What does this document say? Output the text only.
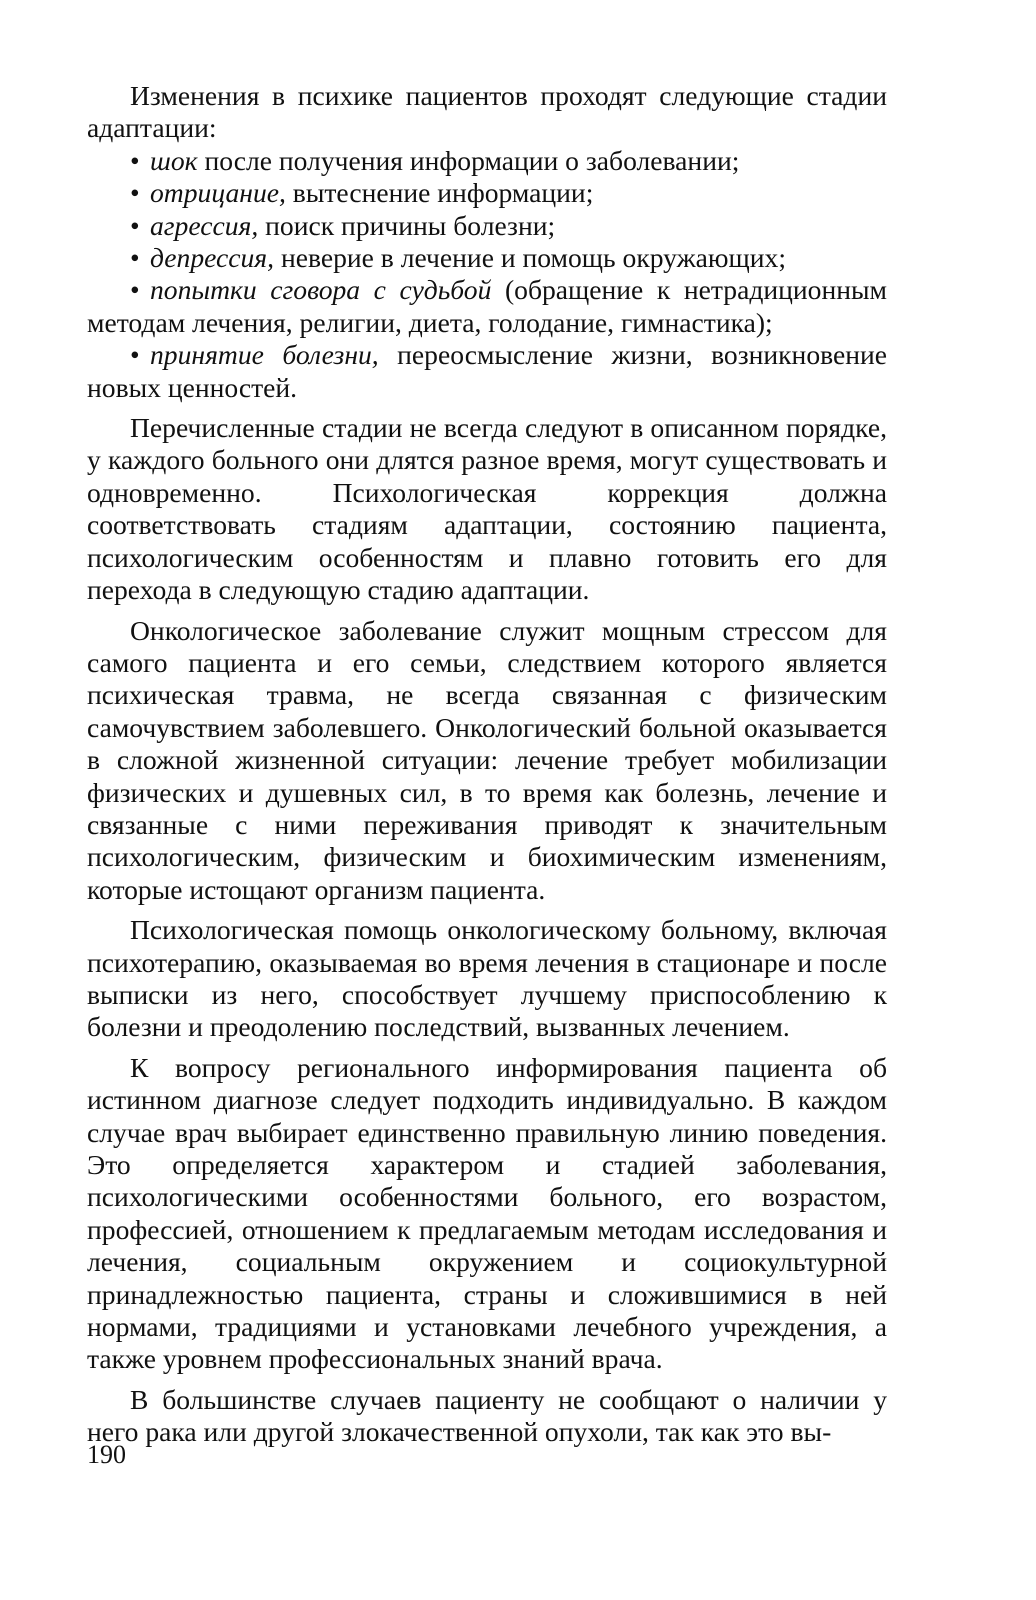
Изменения в психике пациентов проходят следующие стадии адаптации:

• шок после получения информации о заболевании;

• отрицание, вытеснение информации;

• агрессия, поиск причины болезни;

• депрессия, неверие в лечение и помощь окружающих;

• попытки сговора с судьбой (обращение к нетрадиционным методам лечения, религии, диета, голодание, гимнастика);

• принятие болезни, переосмысление жизни, возникновение новых ценностей.

Перечисленные стадии не всегда следуют в описанном порядке, у каждого больного они длятся разное время, могут существовать и одновременно. Психологическая коррекция должна соответствовать стадиям адаптации, состоянию пациента, психологическим особенностям и плавно готовить его для перехода в следующую стадию адаптации.

Онкологическое заболевание служит мощным стрессом для самого пациента и его семьи, следствием которого является психическая травма, не всегда связанная с физическим самочувствием заболевшего. Онкологический больной оказывается в сложной жизненной ситуации: лечение требует мобилизации физических и душевных сил, в то время как болезнь, лечение и связанные с ними переживания приводят к значительным психологическим, физическим и биохимическим изменениям, которые истощают организм пациента.

Психологическая помощь онкологическому больному, включая психотерапию, оказываемая во время лечения в стационаре и после выписки из него, способствует лучшему приспособлению к болезни и преодолению последствий, вызванных лечением.

К вопросу регионального информирования пациента об истинном диагнозе следует подходить индивидуально. В каждом случае врач выбирает единственно правильную линию поведения. Это определяется характером и стадией заболевания, психологическими особенностями больного, его возрастом, профессией, отношением к предлагаемым методам исследования и лечения, социальным окружением и социокультурной принадлежностью пациента, страны и сложившимися в ней нормами, традициями и установками лечебного учреждения, а также уровнем профессиональных знаний врача.

В большинстве случаев пациенту не сообщают о наличии у него рака или другой злокачественной опухоли, так как это вы-

190
